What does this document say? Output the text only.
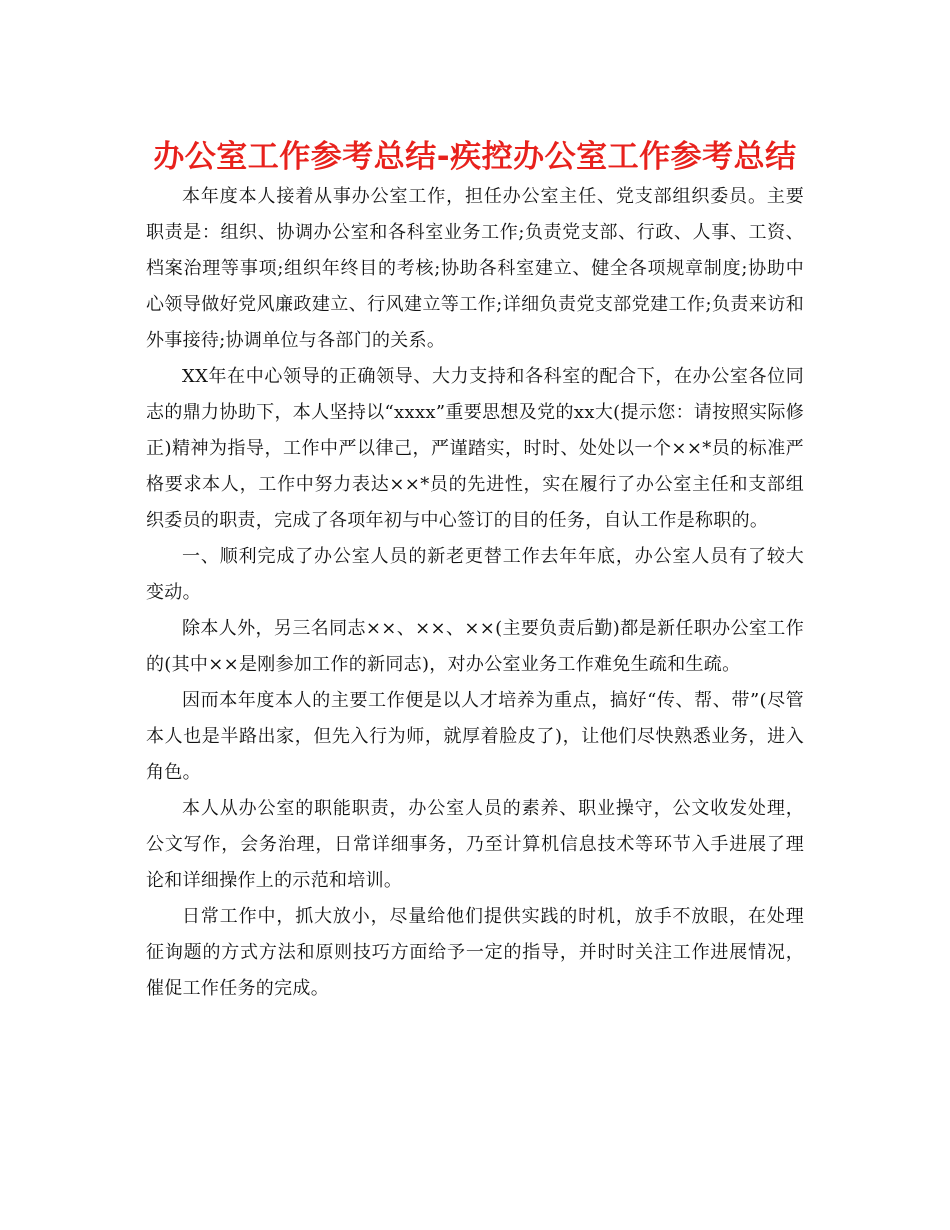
办公室工作参考总结-疾控办公室工作参考总结

本年度本人接着从事办公室工作，担任办公室主任、党支部组织委员。主要职责是：组织、协调办公室和各科室业务工作;负责党支部、行政、人事、工资、档案治理等事项;组织年终目的考核;协助各科室建立、健全各项规章制度;协助中心领导做好党风廉政建立、行风建立等工作;详细负责党支部党建工作;负责来访和外事接待;协调单位与各部门的关系。

XX年在中心领导的正确领导、大力支持和各科室的配合下，在办公室各位同志的鼎力协助下，本人坚持以“xxxx”重要思想及党的xx大(提示您：请按照实际修正)精神为指导，工作中严以律己，严谨踏实，时时、处处以一个××*员的标准严格要求本人，工作中努力表达××*员的先进性，实在履行了办公室主任和支部组织委员的职责，完成了各项年初与中心签订的目的任务，自认工作是称职的。

一、顺利完成了办公室人员的新老更替工作去年年底，办公室人员有了较大变动。

除本人外，另三名同志××、××、××(主要负责后勤)都是新任职办公室工作的(其中××是刚参加工作的新同志)，对办公室业务工作难免生疏和生疏。

因而本年度本人的主要工作便是以人才培养为重点，搞好“传、帮、带”(尽管本人也是半路出家，但先入行为师，就厚着脸皮了)，让他们尽快熟悉业务，进入角色。

本人从办公室的职能职责，办公室人员的素养、职业操守，公文收发处理，公文写作，会务治理，日常详细事务，乃至计算机信息技术等环节入手进展了理论和详细操作上的示范和培训。

日常工作中，抓大放小，尽量给他们提供实践的时机，放手不放眼，在处理征询题的方式方法和原则技巧方面给予一定的指导，并时时关注工作进展情况，催促工作任务的完成。
